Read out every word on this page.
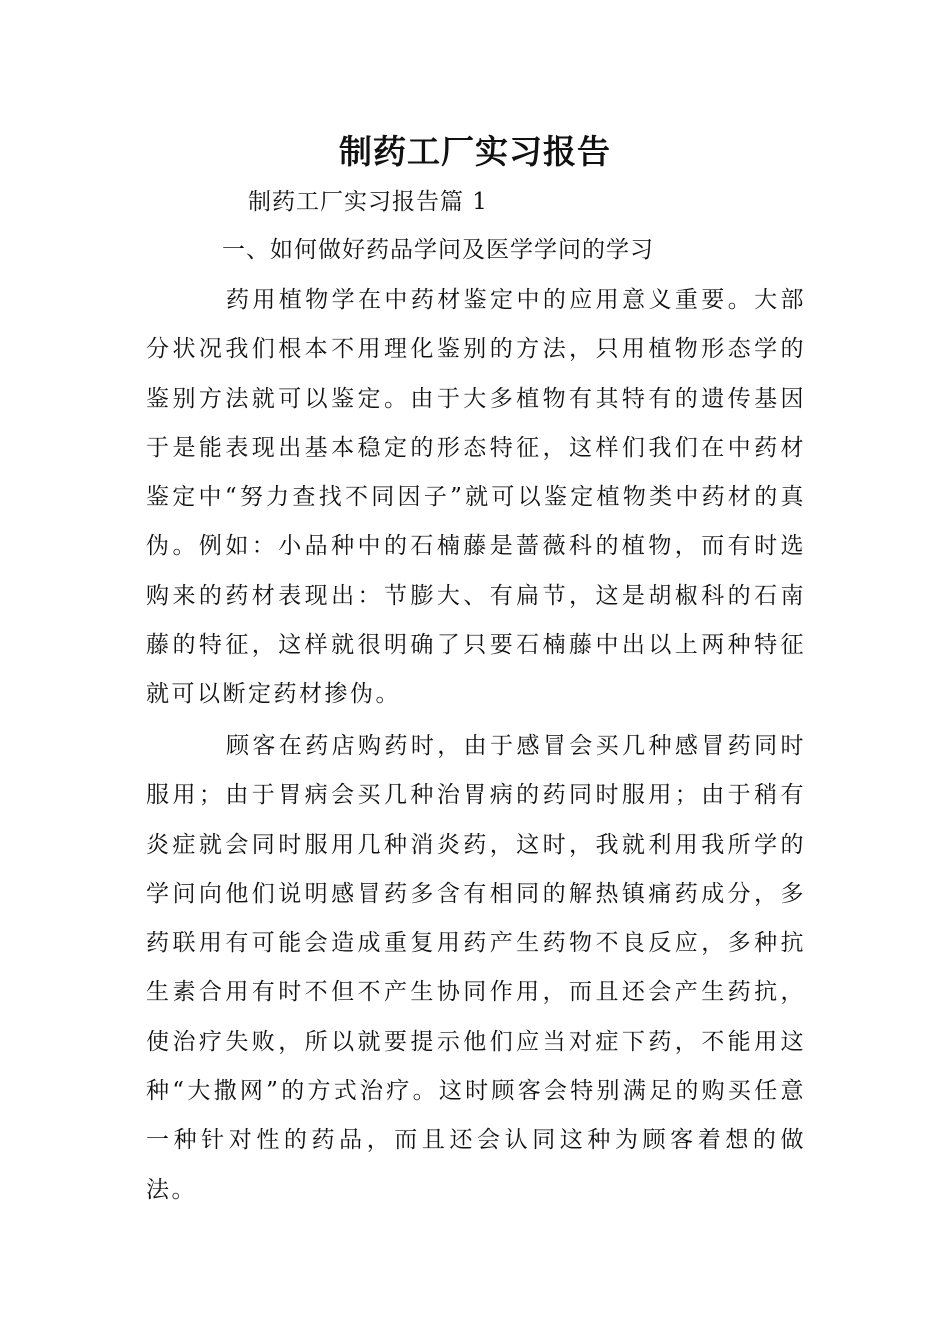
制药工厂实习报告

制药工厂实习报告篇 1

一、如何做好药品学问及医学学问的学习

药用植物学在中药材鉴定中的应用意义重要。大部分状况我们根本不用理化鉴别的方法，只用植物形态学的鉴别方法就可以鉴定。由于大多植物有其特有的遗传基因于是能表现出基本稳定的形态特征，这样们我们在中药材鉴定中“努力查找不同因子”就可以鉴定植物类中药材的真伪。例如：小品种中的石楠藤是蔷薇科的植物，而有时选购来的药材表现出：节膨大、有扁节，这是胡椒科的石南藤的特征，这样就很明确了只要石楠藤中出以上两种特征就可以断定药材掺伪。

顾客在药店购药时，由于感冒会买几种感冒药同时服用；由于胃病会买几种治胃病的药同时服用；由于稍有炎症就会同时服用几种消炎药，这时，我就利用我所学的学问向他们说明感冒药多含有相同的解热镇痛药成分，多药联用有可能会造成重复用药产生药物不良反应，多种抗生素合用有时不但不产生协同作用，而且还会产生药抗，使治疗失败，所以就要提示他们应当对症下药，不能用这种“大撒网”的方式治疗。这时顾客会特别满足的购买任意一种针对性的药品，而且还会认同这种为顾客着想的做法。
